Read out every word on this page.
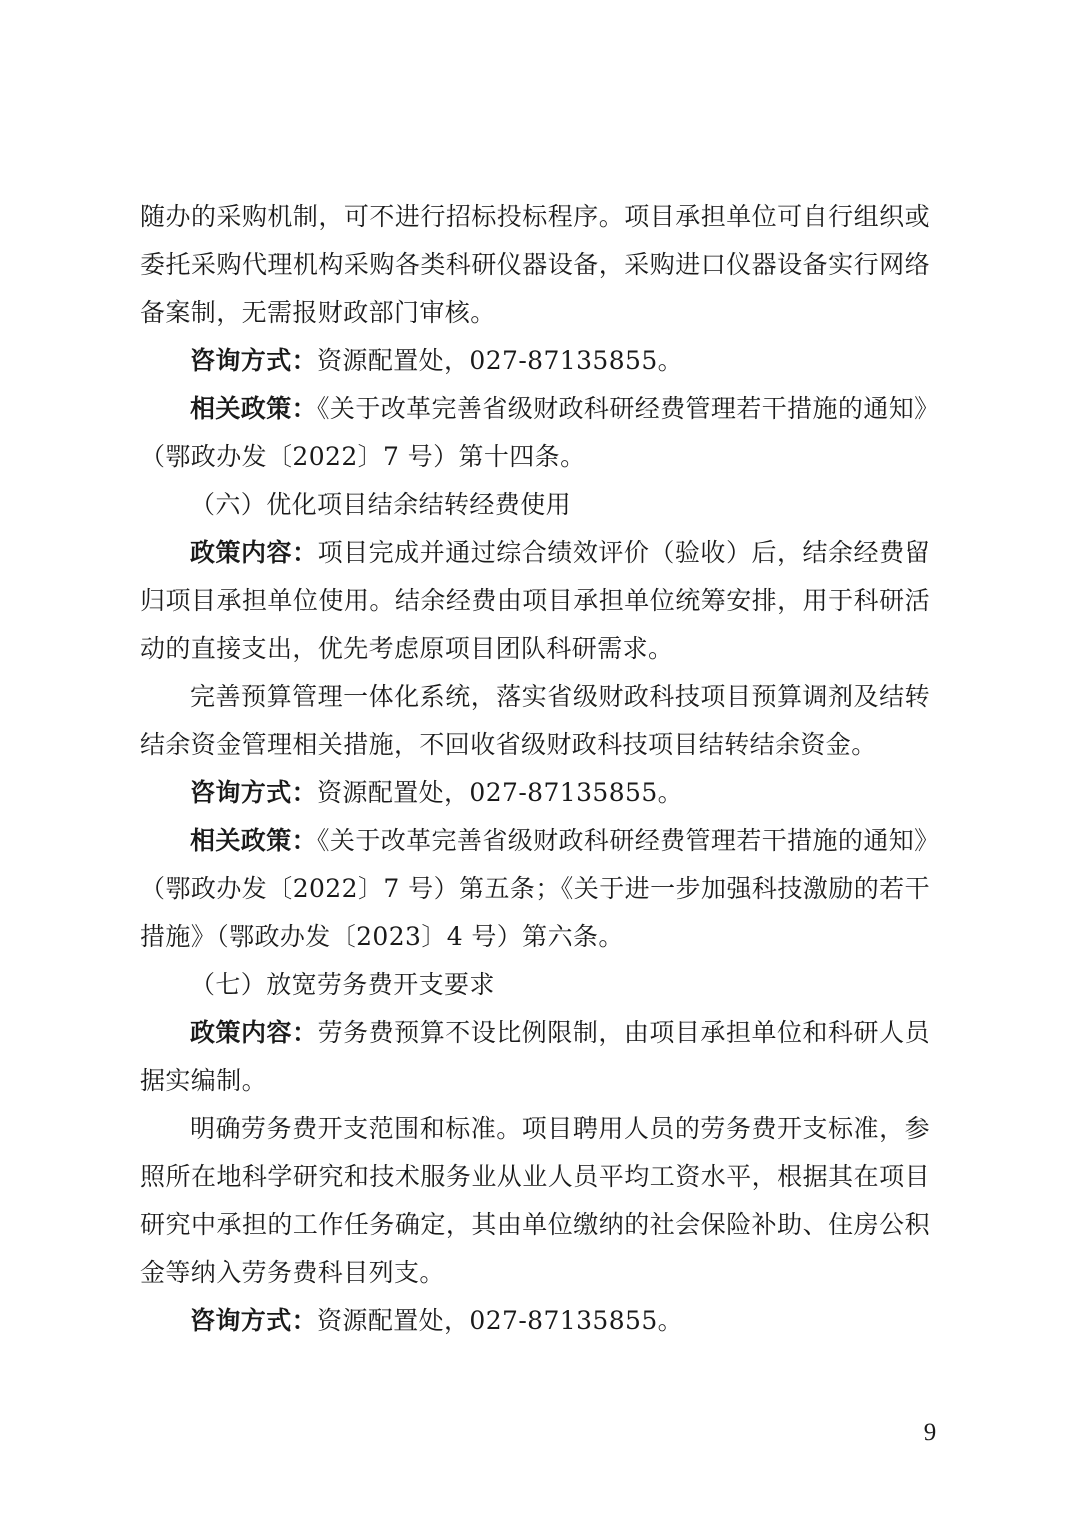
随办的采购机制，可不进行招标投标程序。项目承担单位可自行组织或
委托采购代理机构采购各类科研仪器设备，采购进口仪器设备实行网络
备案制，无需报财政部门审核。
咨询方式：资源配置处，027-87135855。
相关政策：《关于改革完善省级财政科研经费管理若干措施的通知》
（鄂政办发〔2022〕7 号）第十四条。
（六）优化项目结余结转经费使用
政策内容：项目完成并通过综合绩效评价（验收）后，结余经费留
归项目承担单位使用。结余经费由项目承担单位统筹安排，用于科研活
动的直接支出，优先考虑原项目团队科研需求。
完善预算管理一体化系统，落实省级财政科技项目预算调剂及结转
结余资金管理相关措施，不回收省级财政科技项目结转结余资金。
咨询方式：资源配置处，027-87135855。
相关政策：《关于改革完善省级财政科研经费管理若干措施的通知》
（鄂政办发〔2022〕7 号）第五条；《关于进一步加强科技激励的若干
措施》（鄂政办发〔2023〕4 号）第六条。
（七）放宽劳务费开支要求
政策内容：劳务费预算不设比例限制，由项目承担单位和科研人员
据实编制。
明确劳务费开支范围和标准。项目聘用人员的劳务费开支标准，参
照所在地科学研究和技术服务业从业人员平均工资水平，根据其在项目
研究中承担的工作任务确定，其由单位缴纳的社会保险补助、住房公积
金等纳入劳务费科目列支。
咨询方式：资源配置处，027-87135855。
9
